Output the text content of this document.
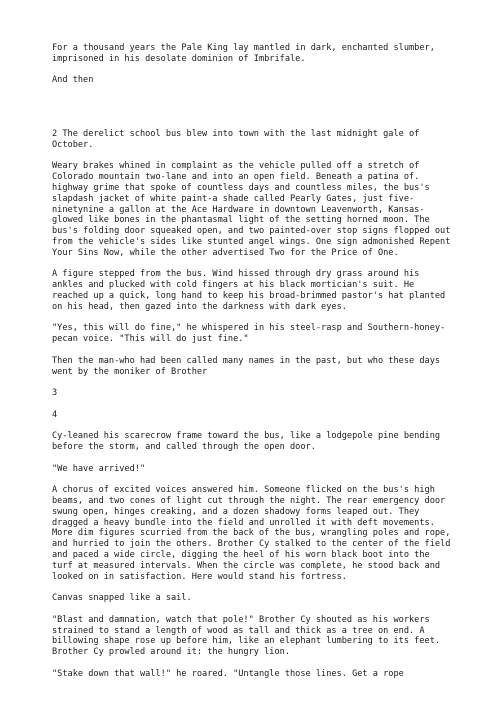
For a thousand years the Pale King lay mantled in dark, enchanted slumber, imprisoned in his desolate dominion of Imbrifale.

And then

2 The derelict school bus blew into town with the last midnight gale of October.

Weary brakes whined in complaint as the vehicle pulled off a stretch of Colorado mountain two-lane and into an open field. Beneath a patina of. highway grime that spoke of countless days and countless miles, the bus's slapdash jacket of white paint-a shade called Pearly Gates, just five-ninetynine a gallon at the Ace Hardware in downtown Leavenworth, Kansas-glowed like bones in the phantasmal light of the setting horned moon. The bus's folding door squeaked open, and two painted-over stop signs flopped out from the vehicle's sides like stunted angel wings. One sign admonished Repent Your Sins Now, while the other advertised Two for the Price of One.

A figure stepped from the bus. Wind hissed through dry grass around his ankles and plucked with cold fingers at his black mortician's suit. He reached up a quick, long hand to keep his broad-brimmed pastor's hat planted on his head, then gazed into the darkness with dark eyes.

"Yes, this will do fine," he whispered in his steel-rasp and Southern-honey-pecan voice. "This will do just fine."

Then the man-who had been called many names in the past, but who these days went by the moniker of Brother

3

4

Cy-leaned his scarecrow frame toward the bus, like a lodgepole pine bending before the storm, and called through the open door.

"We have arrived!"

A chorus of excited voices answered him. Someone flicked on the bus's high beams, and two cones of light cut through the night. The rear emergency door swung open, hinges creaking, and a dozen shadowy forms leaped out. They dragged a heavy bundle into the field and unrolled it with deft movements. More dim figures scurried from the back of the bus, wrangling poles and rope, and hurried to join the others. Brother Cy stalked to the center of the field and paced a wide circle, digging the heel of his worn black boot into the turf at measured intervals. When the circle was complete, he stood back and looked on in satisfaction. Here would stand his fortress.

Canvas snapped like a sail.

"Blast and damnation, watch that pole!" Brother Cy shouted as his workers strained to stand a length of wood as tall and thick as a tree on end. A billowing shape rose up before him, like an elephant lumbering to its feet. Brother Cy prowled around it: the hungry lion.

"Stake down that wall!" he roared. "Untangle those lines. Get a rope
